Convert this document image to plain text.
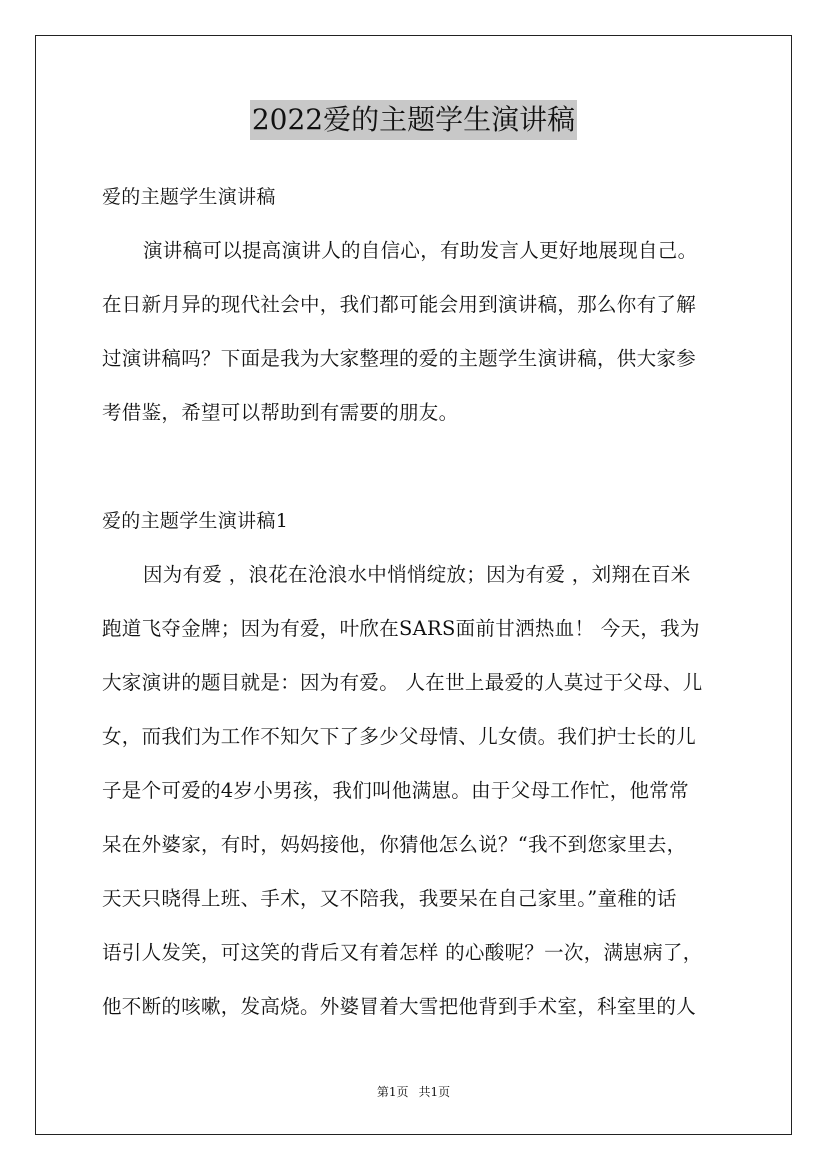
2022爱的主题学生演讲稿
爱的主题学生演讲稿
演讲稿可以提高演讲人的自信心，有助发言人更好地展现自己。
在日新月异的现代社会中，我们都可能会用到演讲稿，那么你有了解
过演讲稿吗？下面是我为大家整理的爱的主题学生演讲稿，供大家参
考借鉴，希望可以帮助到有需要的朋友。
爱的主题学生演讲稿1
因为有爱 ，浪花在沧浪水中悄悄绽放；因为有爱 ，刘翔在百米
跑道飞夺金牌；因为有爱，叶欣在SARS面前甘洒热血！ 今天，我为
大家演讲的题目就是：因为有爱。 人在世上最爱的人莫过于父母、儿
女，而我们为工作不知欠下了多少父母情、儿女债。我们护士长的儿
子是个可爱的4岁小男孩，我们叫他满崽。由于父母工作忙，他常常
呆在外婆家，有时，妈妈接他，你猜他怎么说？“我不到您家里去，
天天只晓得上班、手术，又不陪我，我要呆在自己家里。”童稚的话
语引人发笑，可这笑的背后又有着怎样 的心酸呢？一次，满崽病了，
他不断的咳嗽，发高烧。外婆冒着大雪把他背到手术室，科室里的人
第1页 共1页
